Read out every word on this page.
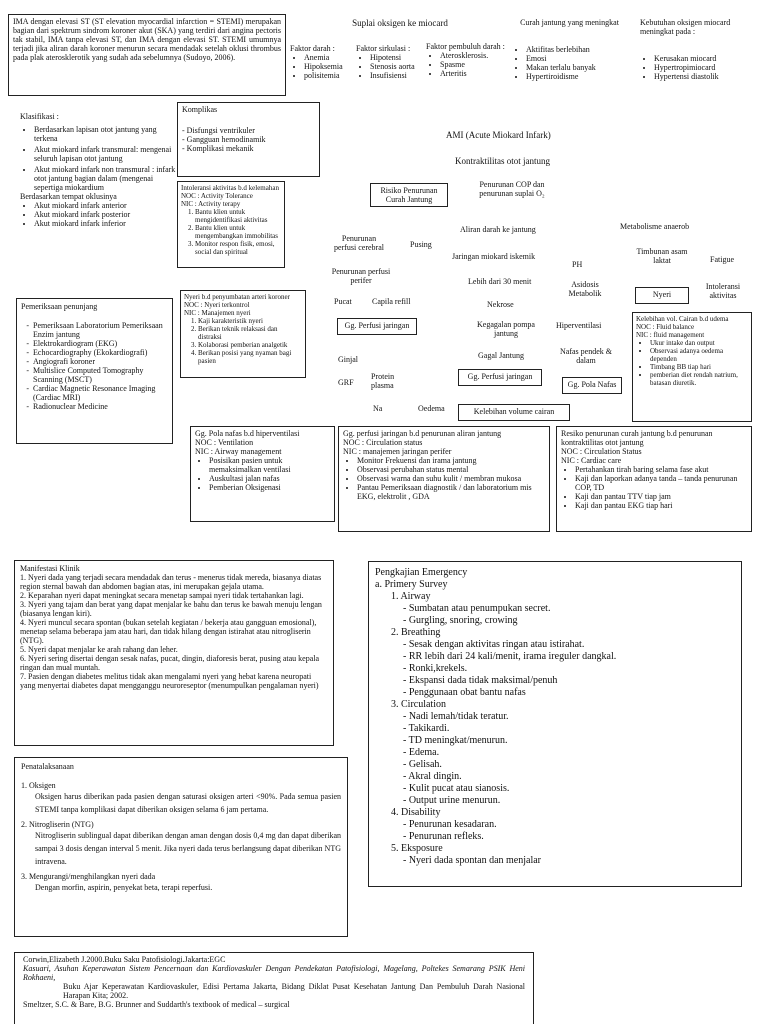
IMA dengan elevasi ST (ST elevation myocardial infarction = STEMI) merupakan bagian dari spektrum sindrom koroner akut (SKA) yang terdiri dari angina pectoris tak stabil, IMA tanpa elevasi ST, dan IMA dengan elevasi ST. STEMI umumnya terjadi jika aliran darah koroner menurun secara mendadak setelah oklusi thrombus pada plak aterosklerotik yang sudah ada sebelumnya (Sudoyo, 2006).

Suplai oksigen ke miocard
Faktor darah :
• Anemia
• Hipoksemia
• polisitemia
Faktor sirkulasi :
• Hipotensi
• Stenosis aorta
• Insufisiensi
Faktor pembuluh darah :
• Aterosklerosis.
• Spasme
• Arteritis
Curah jantung yang meningkat
• Aktifitas berlebihan
• Emosi
• Makan terlalu banyak
• Hypertiroidisme
Kebutuhan oksigen miocard meningkat pada :
• Kerusakan miocard
• Hypertropimiocard
• Hypertensi diastolik
Klasifikasi :
• Berdasarkan lapisan otot jantung yang terkena
• Akut miokard infark transmural: mengenai seluruh lapisan otot jantung
• Akut miokard infark non transmural : infark otot jantung bagian dalam (mengenai sepertiga miokardium
Berdasarkan tempat oklusinya
• Akut miokard infark anterior
• Akut miokard infark posterior
• Akut miokard infark inferior
Komplikas
- Disfungsi ventrikuler
- Gangguan hemodinamik
- Komplikasi mekanik
Intoleransi aktivitas b.d kelemahan
NOC : Activity Tolerance
NIC : Activity terapy
1. Bantu klien untuk mengidentifikasi aktivitas
2. Bantu klien untuk mengembangkan immobilitas
3. Monitor respon fisik, emosi, social dan spiritual
Nyeri b.d penyumbatan arteri koroner
NOC : Nyeri terkontrol
NIC : Manajemen nyeri
1. Kaji karakteristik nyeri
2. Berikan teknik relaksasi dan distraksi
3. Kolaborasi pemberian analgetik
4. Berikan posisi yang nyaman bagi pasien
Pemeriksaan penunjang
- Pemeriksaan Laboratorium Pemeriksaan Enzim jantung
- Elektrokardiogram (EKG)
- Echocardiography (Ekokardiografi)
- Angiografi koroner
- Multislice Computed Tomography Scanning (MSCT)
- Cardiac Magnetic Resonance Imaging (Cardiac MRI)
- Radionuclear Medicine
AMI (Acute Miokard Infark)
Kontraktilitas otot jantung
Risiko Penurunan Curah Jantung
Penurunan COP dan penurunan suplai O₂
Aliran darah ke jantung	Metabolisme anaerob
Penurunan perfusi cerebral	Pusing
Jaringan miokard iskemik
PH
Timbunan asam laktat	Fatigue
Penurunan perfusi perifer	Lebih dari 30 menit	Asidosis Metabolik	Nyeri
Intoleransi aktivitas
Pucat	Capila refill	Nekrose
Gg. Perfusi jaringan	Kegagalan pompa jantung
Hiperventilasi
Gagal Jantung	Nafas pendek & dalam
Ginjal
GRF
Protein plasma
Gg. Perfusi jaringan
Gg. Pola Nafas
Na	Oedema	Kelebihan volume cairan
Kelebihan vol. Cairan b.d udema
NOC : Fluid balance
NIC : fluid management
• Ukur intake dan output
• Observasi adanya oedema dependen
• Timbang BB tiap hari
• pemberian diet rendah natrium, batasan diuretik.
Gg. Pola nafas b.d hiperventilasi
NOC : Ventilation
NIC : Airway management
• Posisikan pasien untuk memaksimalkan ventilasi
• Auskultasi jalan nafas
• Pemberian Oksigenasi
Gg. perfusi jaringan b.d penurunan aliran jantung
NOC : Circulation status
NIC : manajemen jaringan perifer
• Monitor Frekuensi dan irama jantung
• Observasi perubahan status mental
• Observasi warna dan suhu kulit / membran mukosa
• Pantau Pemeriksaan diagnostik / dan laboratorium mis EKG, elektrolit , GDA
Resiko penurunan curah jantung b.d penurunan kontraktilitas otot jantung
NOC : Circulation Status
NIC : Cardiac care
• Pertahankan tirah baring selama fase akut
• Kaji dan laporkan adanya tanda – tanda penurunan COP, TD
• Kaji dan pantau TTV tiap jam
• Kaji dan pantau EKG tiap hari
Manifestasi Klinik
1. Nyeri dada yang terjadi secara mendadak dan terus - menerus tidak mereda, biasanya diatas region sternal bawah dan abdomen bagian atas, ini merupakan gejala utama.
2. Keparahan nyeri dapat meningkat secara menetap sampai nyeri tidak tertahankan lagi.
3. Nyeri yang tajam dan berat yang dapat menjalar ke bahu dan terus ke bawah menuju lengan (biasanya lengan kiri).
4. Nyeri muncul secara spontan (bukan setelah kegiatan / bekerja atau gangguan emosional), menetap selama beberapa jam atau hari, dan tidak hilang dengan istirahat atau nitrogliserin (NTG).
5. Nyeri dapat menjalar ke arah rahang dan leher.
6. Nyeri sering disertai dengan sesak nafas, pucat, dingin, diaforesis berat, pusing atau kepala ringan dan mual muntah.
7. Pasien dengan diabetes melitus tidak akan mengalami nyeri yang hebat karena neuropati yang menyertai diabetes dapat mengganggu neuroreseptor (menumpulkan pengalaman nyeri)
Penatalaksanaan
1. Oksigen
Oksigen harus diberikan pada pasien dengan saturasi oksigen arteri <90%. Pada semua pasien STEMI tanpa komplikasi dapat diberikan oksigen selama 6 jam pertama.
2. Nitrogliserin (NTG)
Nitrogliserin sublingual dapat diberikan dengan aman dengan dosis 0,4 mg dan dapat diberikan sampai 3 dosis dengan interval 5 menit. Jika nyeri dada terus berlangsung dapat diberikan NTG intravena.
3. Mengurangi/menghilangkan nyeri dada
Dengan morfin, aspirin, penyekat beta, terapi reperfusi.
Pengkajian Emergency
a. Primery Survey
1. Airway
- Sumbatan atau penumpukan secret.
- Gurgling, snoring, crowing
2. Breathing
- Sesak dengan aktivitas ringan atau istirahat.
- RR lebih dari 24 kali/menit, irama ireguler dangkal.
- Ronki,krekels.
- Ekspansi dada tidak maksimal/penuh
- Penggunaan obat bantu nafas
3. Circulation
- Nadi lemah/tidak teratur.
- Takikardi.
- TD meningkat/menurun.
- Edema.
- Gelisah.
- Akral dingin.
- Kulit pucat atau sianosis.
- Output urine menurun.
4. Disability
- Penurunan kesadaran.
- Penurunan refleks.
5. Eksposure
- Nyeri dada spontan dan menjalar
Corwin,Elizabeth J.2000.Buku Saku Patofisiologi.Jakarta:EGC
Kasuari, Asuhan Keperawatan Sistem Pencernaan dan Kardiovaskuler Dengan Pendekatan Patofisiologi, Magelang, Poltekes Semarang PSIK Heni Rokhaeni,
Buku Ajar Keperawatan Kardiovaskuler, Edisi Pertama Jakarta, Bidang Diklat Pusat Kesehatan Jantung Dan Pembuluh Darah Nasional Harapan Kita; 2002.
Smeltzer, S.C. & Bare, B.G. Brunner and Suddarth's textbook of medical – surgical
